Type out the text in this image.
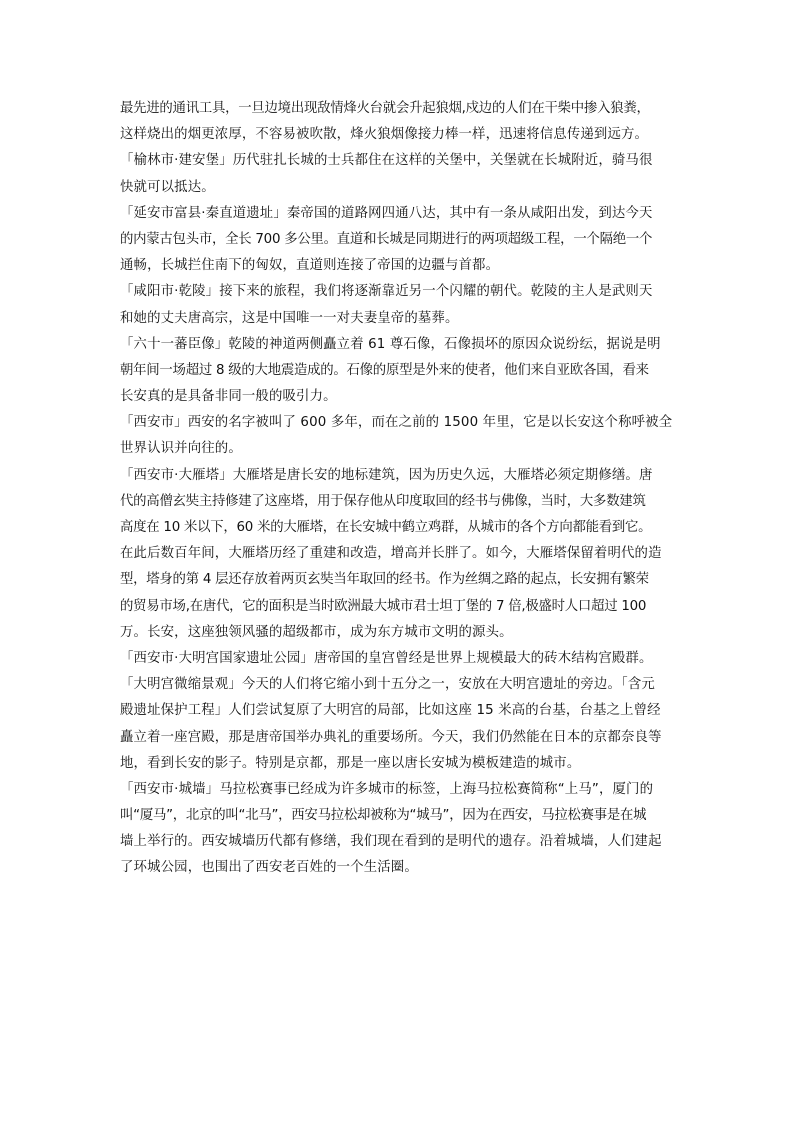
最先进的通讯工具，一旦边境出现敌情烽火台就会升起狼烟,戍边的人们在干柴中掺入狼粪，
这样烧出的烟更浓厚，不容易被吹散，烽火狼烟像接力棒一样，迅速将信息传递到远方。
「榆林市·建安堡」历代驻扎长城的士兵都住在这样的关堡中，关堡就在长城附近，骑马很
快就可以抵达。
「延安市富县·秦直道遗址」秦帝国的道路网四通八达，其中有一条从咸阳出发，到达今天
的内蒙古包头市，全长 700 多公里。直道和长城是同期进行的两项超级工程，一个隔绝一个
通畅，长城拦住南下的匈奴，直道则连接了帝国的边疆与首都。
「咸阳市·乾陵」接下来的旅程，我们将逐渐靠近另一个闪耀的朝代。乾陵的主人是武则天
和她的丈夫唐高宗，这是中国唯一一对夫妻皇帝的墓葬。
「六十一蕃臣像」乾陵的神道两侧矗立着 61 尊石像，石像损坏的原因众说纷纭，据说是明
朝年间一场超过 8 级的大地震造成的。石像的原型是外来的使者，他们来自亚欧各国，看来
长安真的是具备非同一般的吸引力。
「西安市」西安的名字被叫了 600 多年，而在之前的 1500 年里，它是以长安这个称呼被全
世界认识并向往的。
「西安市·大雁塔」大雁塔是唐长安的地标建筑，因为历史久远，大雁塔必须定期修缮。唐
代的高僧玄奘主持修建了这座塔，用于保存他从印度取回的经书与佛像，当时，大多数建筑
高度在 10 米以下，60 米的大雁塔，在长安城中鹤立鸡群，从城市的各个方向都能看到它。
在此后数百年间，大雁塔历经了重建和改造，增高并长胖了。如今，大雁塔保留着明代的造
型，塔身的第 4 层还存放着两页玄奘当年取回的经书。作为丝绸之路的起点，长安拥有繁荣
的贸易市场,在唐代，它的面积是当时欧洲最大城市君士坦丁堡的 7 倍,极盛时人口超过 100
万。长安，这座独领风骚的超级都市，成为东方城市文明的源头。
「西安市·大明宫国家遗址公园」唐帝国的皇宫曾经是世界上规模最大的砖木结构宫殿群。
「大明宫微缩景观」今天的人们将它缩小到十五分之一，安放在大明宫遗址的旁边。「含元
殿遗址保护工程」人们尝试复原了大明宫的局部，比如这座 15 米高的台基，台基之上曾经
矗立着一座宫殿，那是唐帝国举办典礼的重要场所。今天，我们仍然能在日本的京都奈良等
地，看到长安的影子。特别是京都，那是一座以唐长安城为模板建造的城市。
「西安市·城墙」马拉松赛事已经成为许多城市的标签，上海马拉松赛简称“上马”，厦门的
叫“厦马”，北京的叫“北马”，西安马拉松却被称为“城马”，因为在西安，马拉松赛事是在城
墙上举行的。西安城墙历代都有修缮，我们现在看到的是明代的遗存。沿着城墙，人们建起
了环城公园，也围出了西安老百姓的一个生活圈。
